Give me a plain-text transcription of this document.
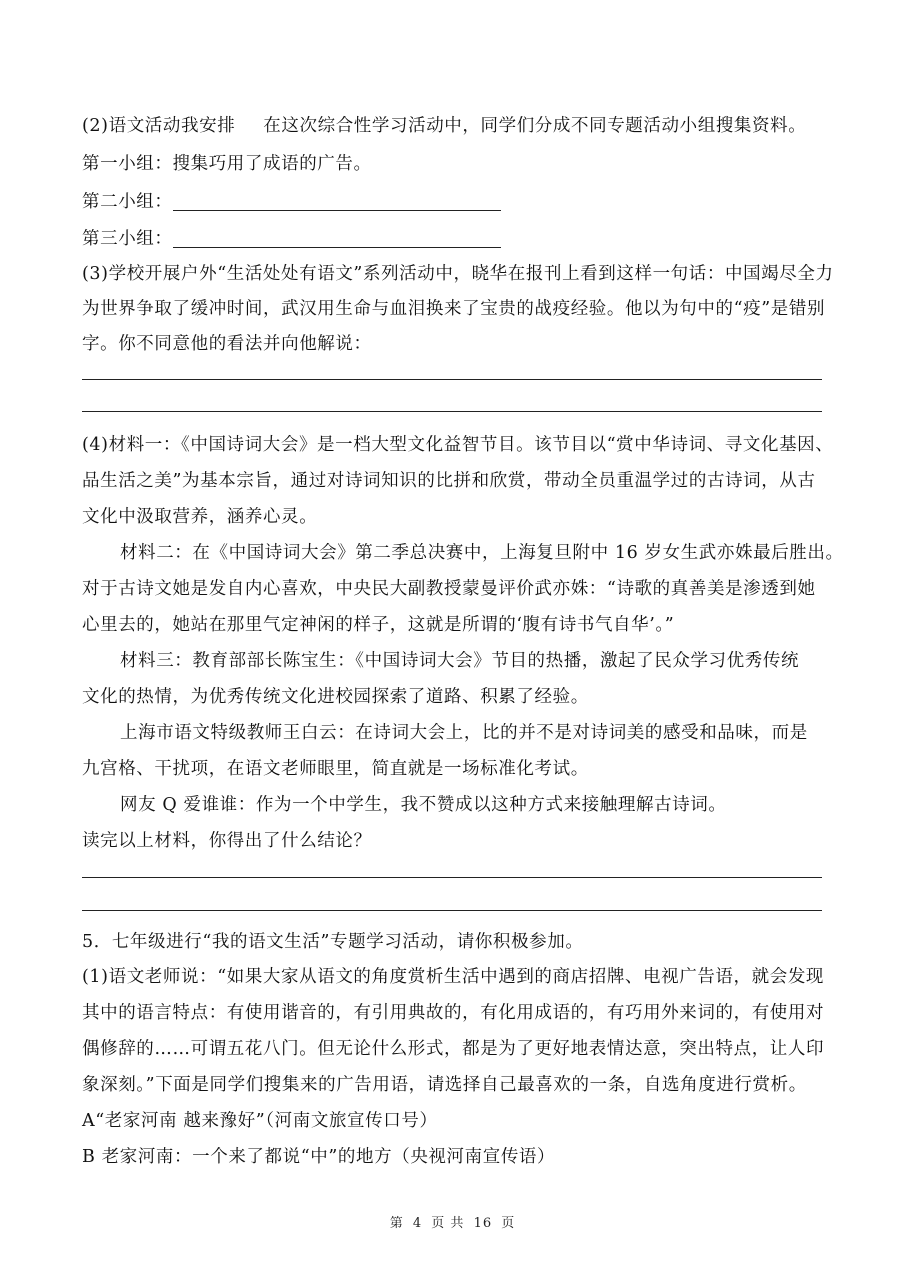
(2)语文活动我安排 在这次综合性学习活动中，同学们分成不同专题活动小组搜集资料。
第一小组：搜集巧用了成语的广告。
第二小组：
第三小组：
(3)学校开展户外“生活处处有语文”系列活动中，晓华在报刊上看到这样一句话：中国竭尽全力
为世界争取了缓冲时间，武汉用生命与血泪换来了宝贵的战疫经验。他以为句中的“疫”是错别
字。你不同意他的看法并向他解说：
(4)材料一：《中国诗词大会》是一档大型文化益智节目。该节目以“赏中华诗词、寻文化基因、
品生活之美”为基本宗旨，通过对诗词知识的比拼和欣赏，带动全员重温学过的古诗词，从古
文化中汲取营养，涵养心灵。
材料二：在《中国诗词大会》第二季总决赛中，上海复旦附中 16 岁女生武亦姝最后胜出。
对于古诗文她是发自内心喜欢，中央民大副教授蒙曼评价武亦姝：“诗歌的真善美是渗透到她
心里去的，她站在那里气定神闲的样子，这就是所谓的‘腹有诗书气自华’。”
材料三：教育部部长陈宝生：《中国诗词大会》节目的热播，激起了民众学习优秀传统
文化的热情，为优秀传统文化进校园探索了道路、积累了经验。
上海市语文特级教师王白云：在诗词大会上，比的并不是对诗词美的感受和品味，而是
九宫格、干扰项，在语文老师眼里，简直就是一场标准化考试。
网友 Q 爱谁谁：作为一个中学生，我不赞成以这种方式来接触理解古诗词。
读完以上材料，你得出了什么结论？
5．七年级进行“我的语文生活”专题学习活动，请你积极参加。
(1)语文老师说：“如果大家从语文的角度赏析生活中遇到的商店招牌、电视广告语，就会发现
其中的语言特点：有使用谐音的，有引用典故的，有化用成语的，有巧用外来词的，有使用对
偶修辞的……可谓五花八门。但无论什么形式，都是为了更好地表情达意，突出特点，让人印
象深刻。”下面是同学们搜集来的广告用语，请选择自己最喜欢的一条，自选角度进行赏析。
A“老家河南 越来豫好”（河南文旅宣传口号）
B 老家河南：一个来了都说“中”的地方（央视河南宣传语）
第 4 页 共 16 页
